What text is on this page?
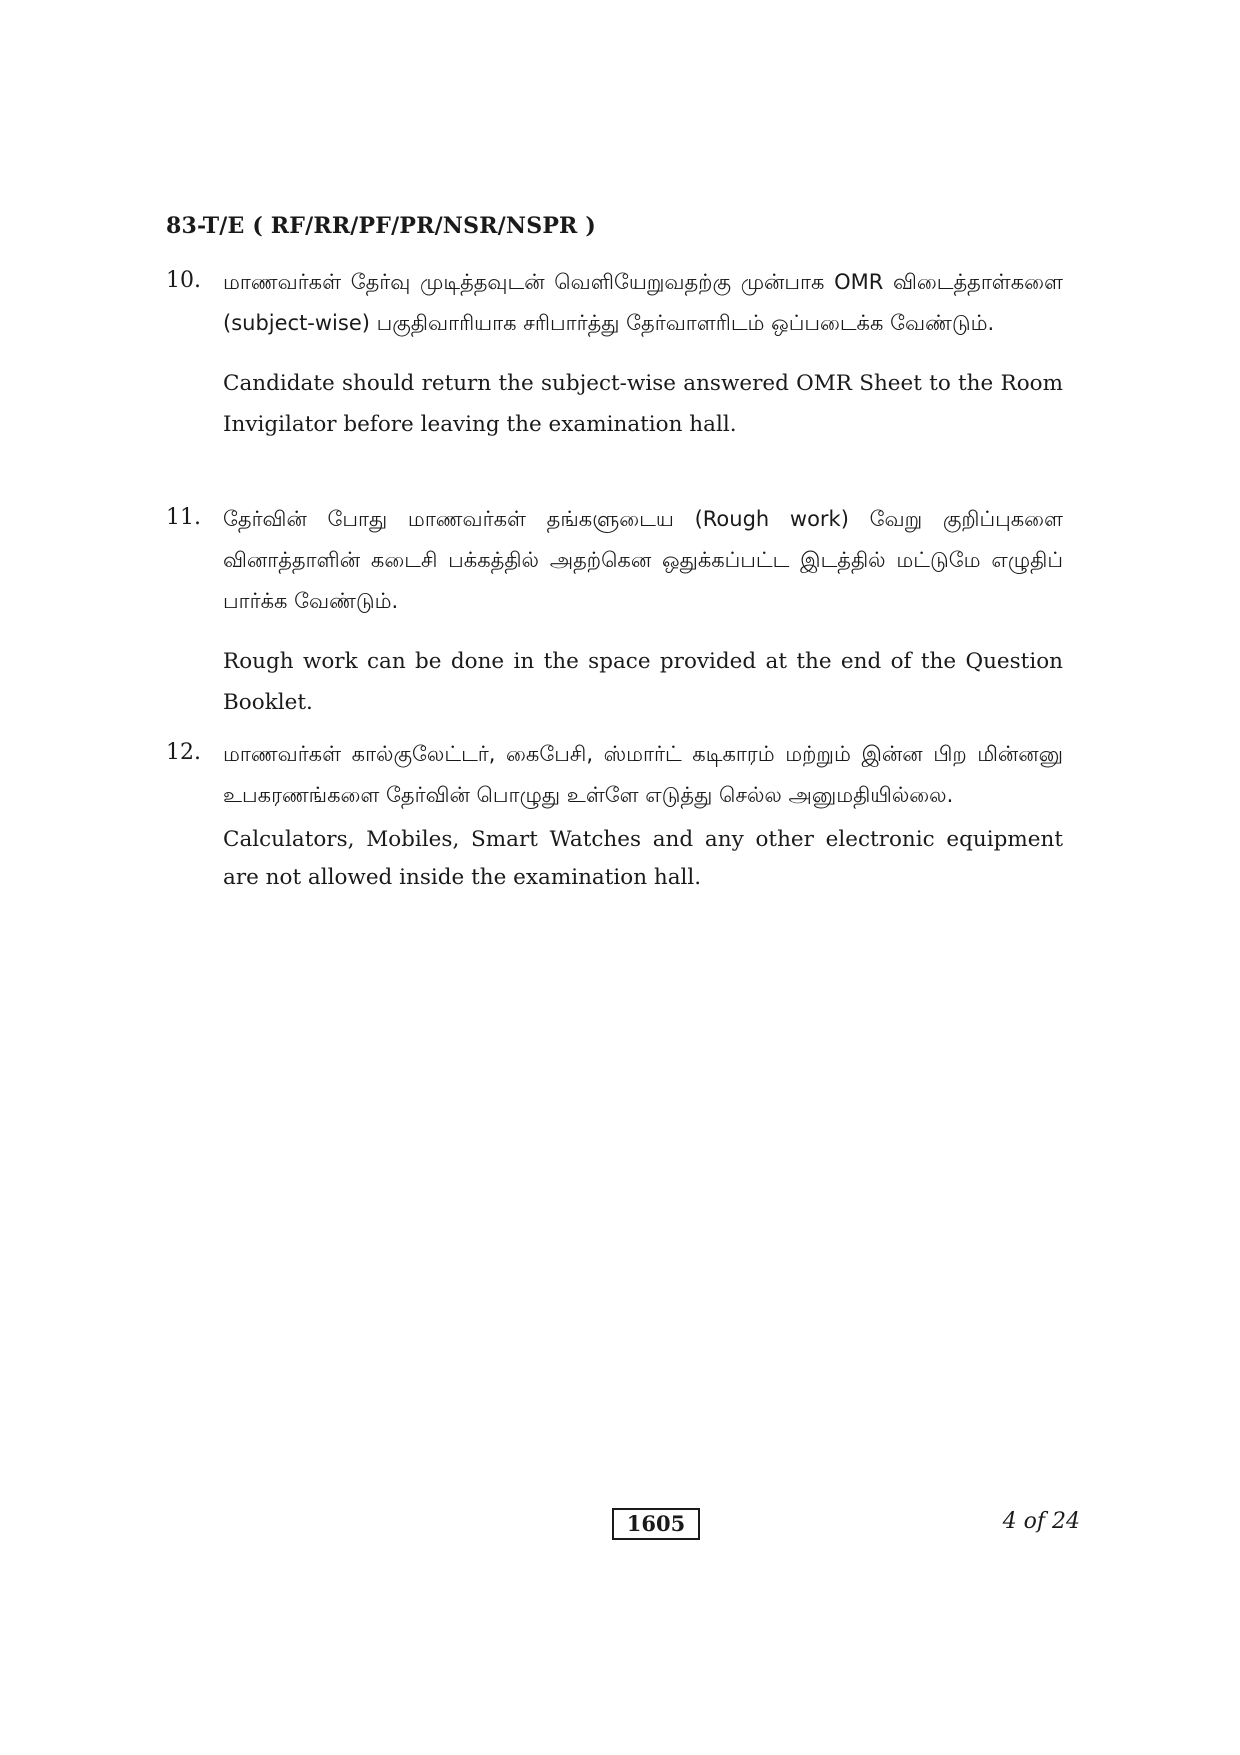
83-T/E ( RF/RR/PF/PR/NSR/NSPR )
10. மாணவர்கள் தேர்வு முடித்தவுடன் வெளியேறுவதற்கு முன்பாக OMR விடைத்தாள்களை (subject-wise) பகுதிவாரியாக சரிபார்த்து தேர்வாளரிடம் ஒப்படைக்க வேண்டும்.

Candidate should return the subject-wise answered OMR Sheet to the Room Invigilator before leaving the examination hall.

11. தேர்வின் போது மாணவர்கள் தங்களுடைய (Rough work) வேறு குறிப்புகளை வினாத்தாளின் கடைசி பக்கத்தில் அதற்கென ஒதுக்கப்பட்ட இடத்தில் மட்டுமே எழுதிப் பார்க்க வேண்டும்.

Rough work can be done in the space provided at the end of the Question Booklet.

12. மாணவர்கள் கால்குலேட்டர், கைபேசி, ஸ்மார்ட் கடிகாரம் மற்றும் இன்ன பிற மின்னனு உபகரணங்களை தேர்வின் பொழுது உள்ளே எடுத்து செல்ல அனுமதியில்லை.

Calculators, Mobiles, Smart Watches and any other electronic equipment are not allowed inside the examination hall.

1605	4 of 24
